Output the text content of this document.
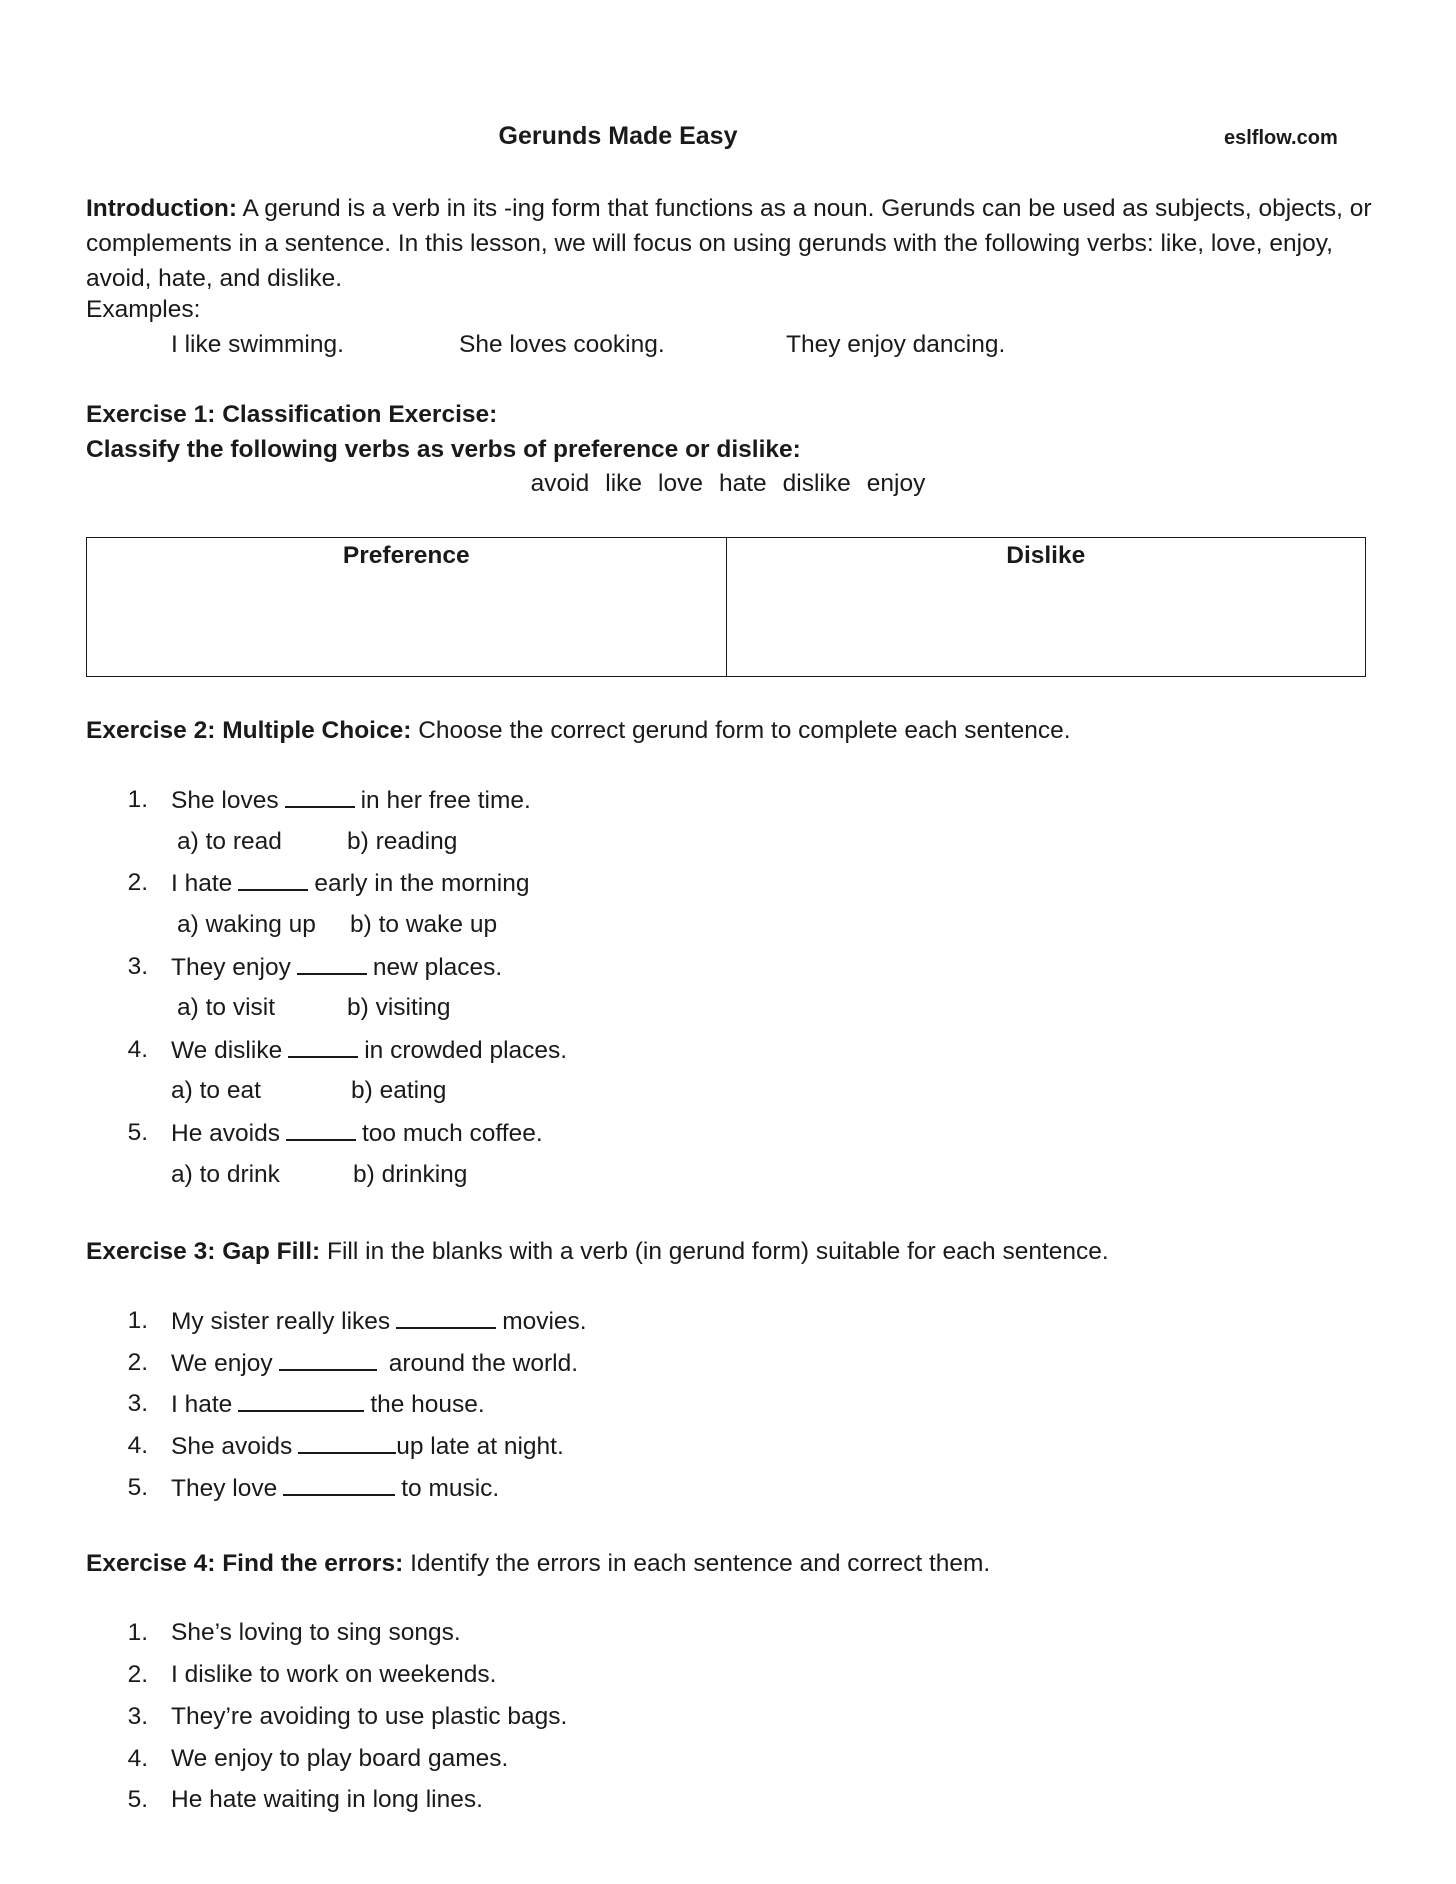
Gerunds Made Easy	eslflow.com
Introduction: A gerund is a verb in its -ing form that functions as a noun. Gerunds can be used as subjects, objects, or complements in a sentence. In this lesson, we will focus on using gerunds with the following verbs: like, love, enjoy, avoid, hate, and dislike.
Examples:
I like swimming.	She loves cooking.	They enjoy dancing.
Exercise 1: Classification Exercise:
Classify the following verbs as verbs of preference or dislike:
avoid like love hate dislike enjoy
Preference	Dislike
Exercise 2: Multiple Choice: Choose the correct gerund form to complete each sentence.
1. She loves	in her free time.
a) to read	b) reading
2. I hate	early in the morning
a) waking up b) to wake up
3. They enjoy	new places.
a) to visit	b) visiting
4. We dislike	in crowded places.
a) to eat	b) eating
5. He avoids	too much coffee.
a) to drink	b) drinking
Exercise 3: Gap Fill: Fill in the blanks with a verb (in gerund form) suitable for each sentence.
1. My sister really likes	movies.
2. We enjoy	around the world.
3. I hate	the house.
4. She avoids	up late at night.
5. They love	to music.
Exercise 4: Find the errors: Identify the errors in each sentence and correct them.
1. She’s loving to sing songs.
2. I dislike to work on weekends.
3. They’re avoiding to use plastic bags.
4. We enjoy to play board games.
5. He hate waiting in long lines.
